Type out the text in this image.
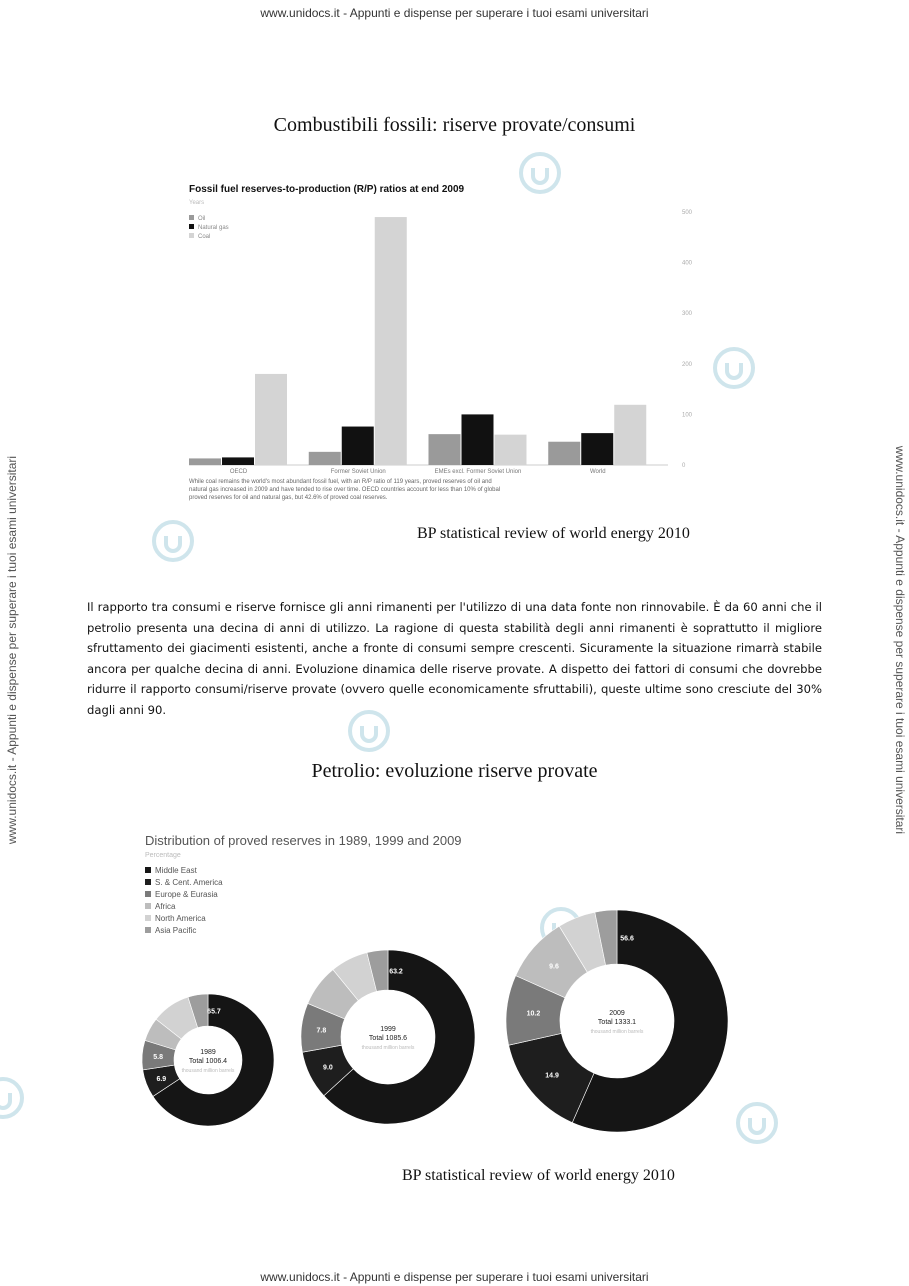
www.unidocs.it - Appunti e dispense per superare i tuoi esami universitari
www.unidocs.it - Appunti e dispense per superare i tuoi esami universitari
www.unidocs.it - Appunti e dispense per superare i tuoi esami universitari	www.unidocs.it - Appunti e dispense per superare i tuoi esami universitari
Combustibili fossili: riserve provate/consumi
Fossil fuel reserves-to-production (R/P) ratios at end 2009
Years
Oil
Natural gas
Coal
0
100
200
300
400
500
OECD	Former Soviet Union	EMEs excl. Former Soviet Union	World
While coal remains the world's most abundant fossil fuel, with an R/P ratio of 119 years, proved reserves of oil and natural gas increased in 2009 and have tended to rise over time. OECD countries account for less than 10% of global proved reserves for oil and natural gas, but 42.6% of proved coal reserves.
BP statistical review of world energy 2010
Il rapporto tra consumi e riserve fornisce gli anni rimanenti per l'utilizzo di una data fonte non rinnovabile. È da 60 anni che il petrolio presenta una decina di anni di utilizzo. La ragione di questa stabilità degli anni rimanenti è soprattutto il migliore sfruttamento dei giacimenti esistenti, anche a fronte di consumi sempre crescenti. Sicuramente la situazione rimarrà stabile ancora per qualche decina di anni. Evoluzione dinamica delle riserve provate. A dispetto dei fattori di consumi che dovrebbe ridurre il rapporto consumi/riserve provate (ovvero quelle economicamente sfruttabili), queste ultime sono cresciute del 30% dagli anni 90.
Petrolio: evoluzione riserve provate
Distribution of proved reserves in 1989, 1999 and 2009
Percentage
Middle East
S. & Cent. America
Europe & Eurasia
Africa
North America
Asia Pacific
65.7
6.9
5.8
1989
Total 1006.4
thousand million barrels
63.2
9.0
7.8	1999
Total 1085.6
thousand million barrels
56.6
14.9
10.2
9.6
2009
Total 1333.1
thousand million barrels
BP statistical review of world energy 2010
